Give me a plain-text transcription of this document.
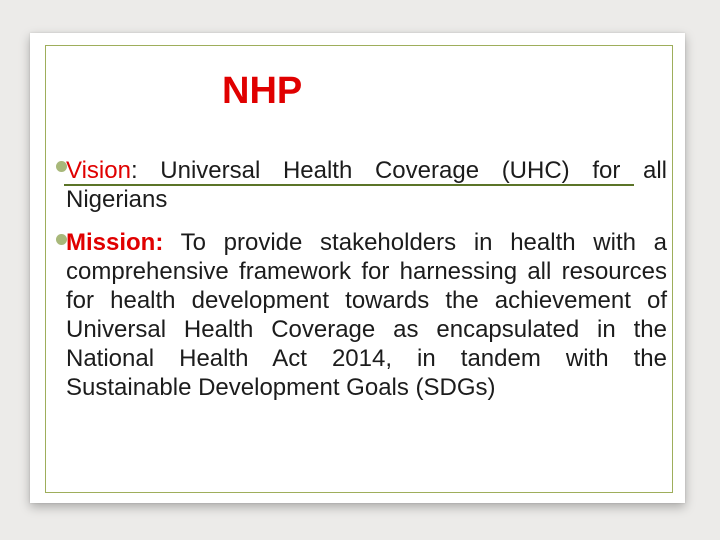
NHP
Vision: Universal Health Coverage (UHC) for all Nigerians
Mission: To provide stakeholders in health with a comprehensive framework for harnessing all resources for health development towards the achievement of Universal Health Coverage as encapsulated in the National Health Act 2014, in tandem with the Sustainable Development Goals (SDGs)
